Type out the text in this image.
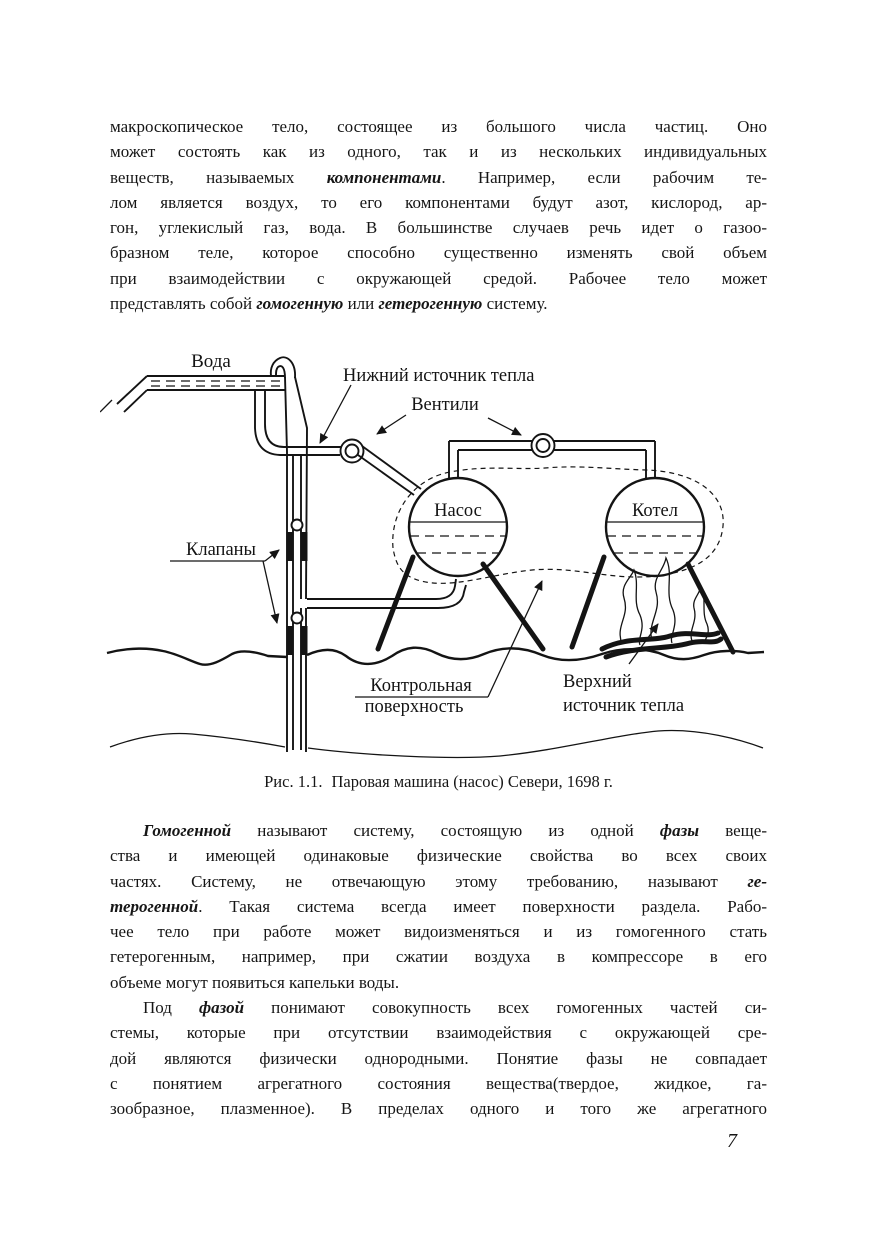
макроскопическое тело, состоящее из большого числа частиц. Оно
может состоять как из одного, так и из нескольких индивидуальных
веществ, называемых компонентами. Например, если рабочим те-
лом является воздух, то его компонентами будут азот, кислород, ар-
гон, углекислый газ, вода. В большинстве случаев речь идет о газоо-
бразном теле, которое способно существенно изменять свой объем
при взаимодействии с окружающей средой. Рабочее тело может
представлять собой гомогенную или гетерогенную систему.
Насос	Котел
Вода
Нижний источник тепла
Вентили
Клапаны
Контрольная
поверхность
Верхний
источник тепла
Рис. 1.1. Паровая машина (насос) Севери, 1698 г.
Гомогенной называют систему, состоящую из одной фазы веще-
ства и имеющей одинаковые физические свойства во всех своих
частях. Систему, не отвечающую этому требованию, называют ге-
терогенной. Такая система всегда имеет поверхности раздела. Рабо-
чее тело при работе может видоизменяться и из гомогенного стать
гетерогенным, например, при сжатии воздуха в компрессоре в его
объеме могут появиться капельки воды.
Под фазой понимают совокупность всех гомогенных частей си-
стемы, которые при отсутствии взаимодействия с окружающей сре-
дой являются физически однородными. Понятие фазы не совпадает
с понятием агрегатного состояния вещества(твердое, жидкое, га-
зообразное, плазменное). В пределах одного и того же агрегатного
7
